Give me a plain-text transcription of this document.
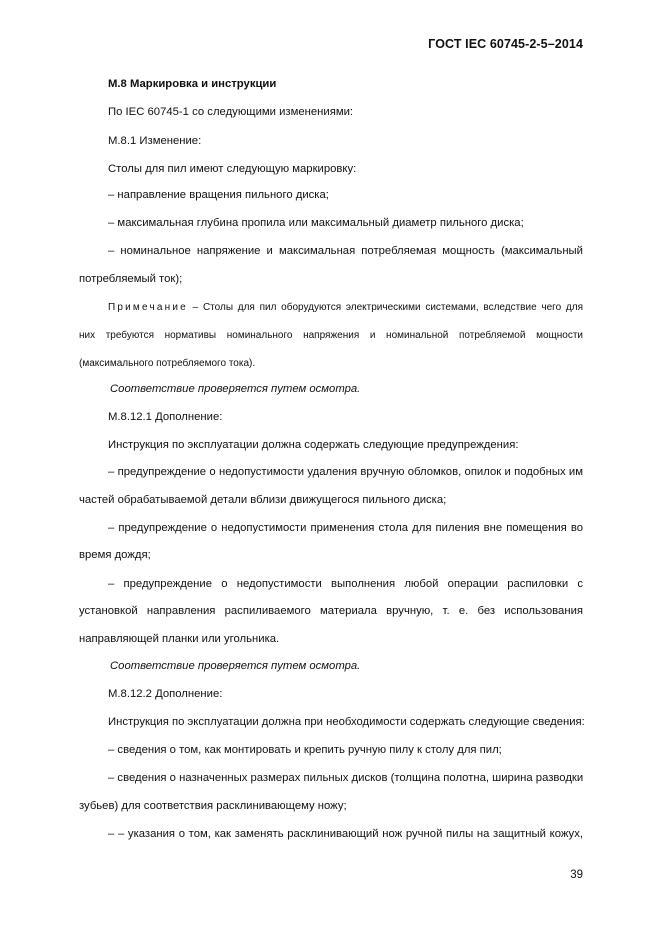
ГОСТ IEC 60745-2-5–2014
М.8 Маркировка и инструкции
По IEC 60745-1 со следующими изменениями:
М.8.1 Изменение:
Столы для пил имеют следующую маркировку:
– направление вращения пильного диска;
– максимальная глубина пропила или максимальный диаметр пильного диска;
– номинальное напряжение и максимальная потребляемая мощность (максимальный
потребляемый ток);
Примечание – Столы для пил оборудуются электрическими системами, вследствие чего для
них требуются нормативы номинального напряжения и номинальной потребляемой мощности
(максимального потребляемого тока).
Соответствие проверяется путем осмотра.
М.8.12.1 Дополнение:
Инструкция по эксплуатации должна содержать следующие предупреждения:
– предупреждение о недопустимости удаления вручную обломков, опилок и подобных им
частей обрабатываемой детали вблизи движущегося пильного диска;
– предупреждение о недопустимости применения стола для пиления вне помещения во
время дождя;
– предупреждение о недопустимости выполнения любой операции распиловки с
установкой направления распиливаемого материала вручную, т. е. без использования
направляющей планки или угольника.
Соответствие проверяется путем осмотра.
М.8.12.2 Дополнение:
Инструкция по эксплуатации должна при необходимости содержать следующие сведения:
– сведения о том, как монтировать и крепить ручную пилу к столу для пил;
– сведения о назначенных размерах пильных дисков (толщина полотна, ширина разводки
зубьев) для соответствия расклинивающему ножу;
– – указания о том, как заменять расклинивающий нож ручной пилы на защитный кожух,
39
